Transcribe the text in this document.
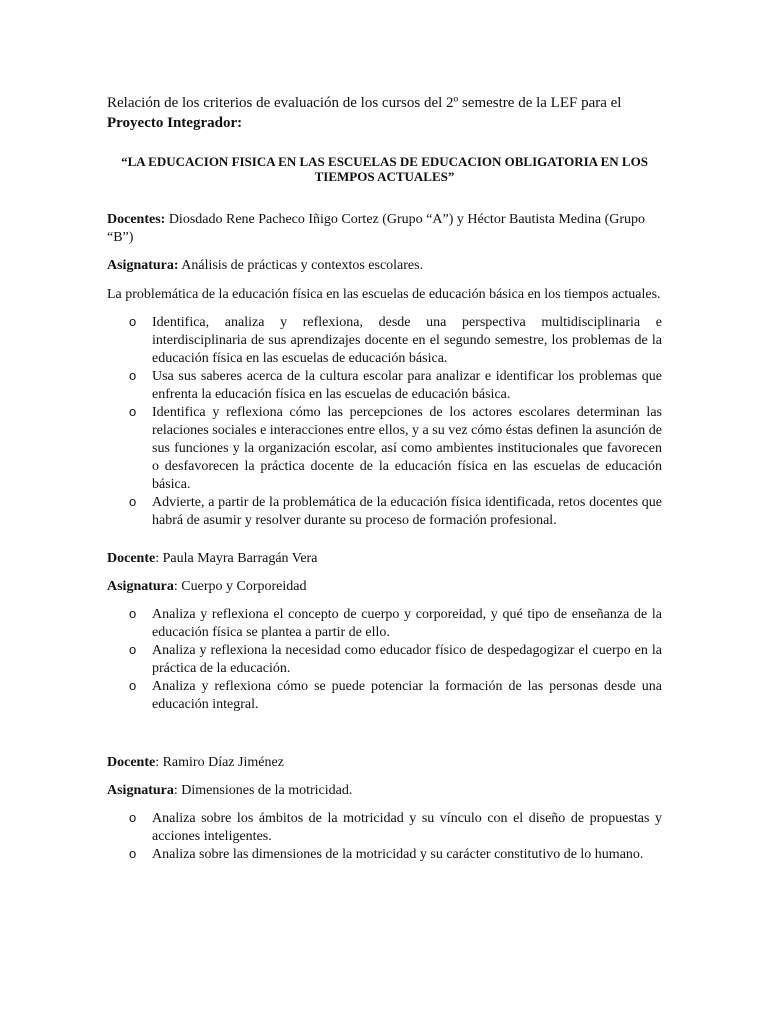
Relación de los criterios de evaluación de los cursos del 2º semestre de la LEF para el
Proyecto Integrador:

“LA EDUCACION FISICA EN LAS ESCUELAS DE EDUCACION OBLIGATORIA EN LOS TIEMPOS ACTUALES”

Docentes: Diosdado Rene Pacheco Iñigo Cortez (Grupo “A”) y Héctor Bautista Medina (Grupo “B”)

Asignatura: Análisis de prácticas y contextos escolares.

La problemática de la educación física en las escuelas de educación básica en los tiempos actuales.

o Identifica, analiza y reflexiona, desde una perspectiva multidisciplinaria e interdisciplinaria de sus aprendizajes docente en el segundo semestre, los problemas de la educación física en las escuelas de educación básica.
o Usa sus saberes acerca de la cultura escolar para analizar e identificar los problemas que enfrenta la educación física en las escuelas de educación básica.
o Identifica y reflexiona cómo las percepciones de los actores escolares determinan las relaciones sociales e interacciones entre ellos, y a su vez cómo éstas definen la asunción de sus funciones y la organización escolar, así como ambientes institucionales que favorecen o desfavorecen la práctica docente de la educación física en las escuelas de educación básica.
o Advierte, a partir de la problemática de la educación física identificada, retos docentes que habrá de asumir y resolver durante su proceso de formación profesional.

Docente: Paula Mayra Barragán Vera

Asignatura: Cuerpo y Corporeidad

o Analiza y reflexiona el concepto de cuerpo y corporeidad, y qué tipo de enseñanza de la educación física se plantea a partir de ello.
o Analiza y reflexiona la necesidad como educador físico de despedagogizar el cuerpo en la práctica de la educación.
o Analiza y reflexiona cómo se puede potenciar la formación de las personas desde una educación integral.

Docente: Ramiro Díaz Jiménez

Asignatura: Dimensiones de la motricidad.

o Analiza sobre los ámbitos de la motricidad y su vínculo con el diseño de propuestas y acciones inteligentes.
o Analiza sobre las dimensiones de la motricidad y su carácter constitutivo de lo humano.
